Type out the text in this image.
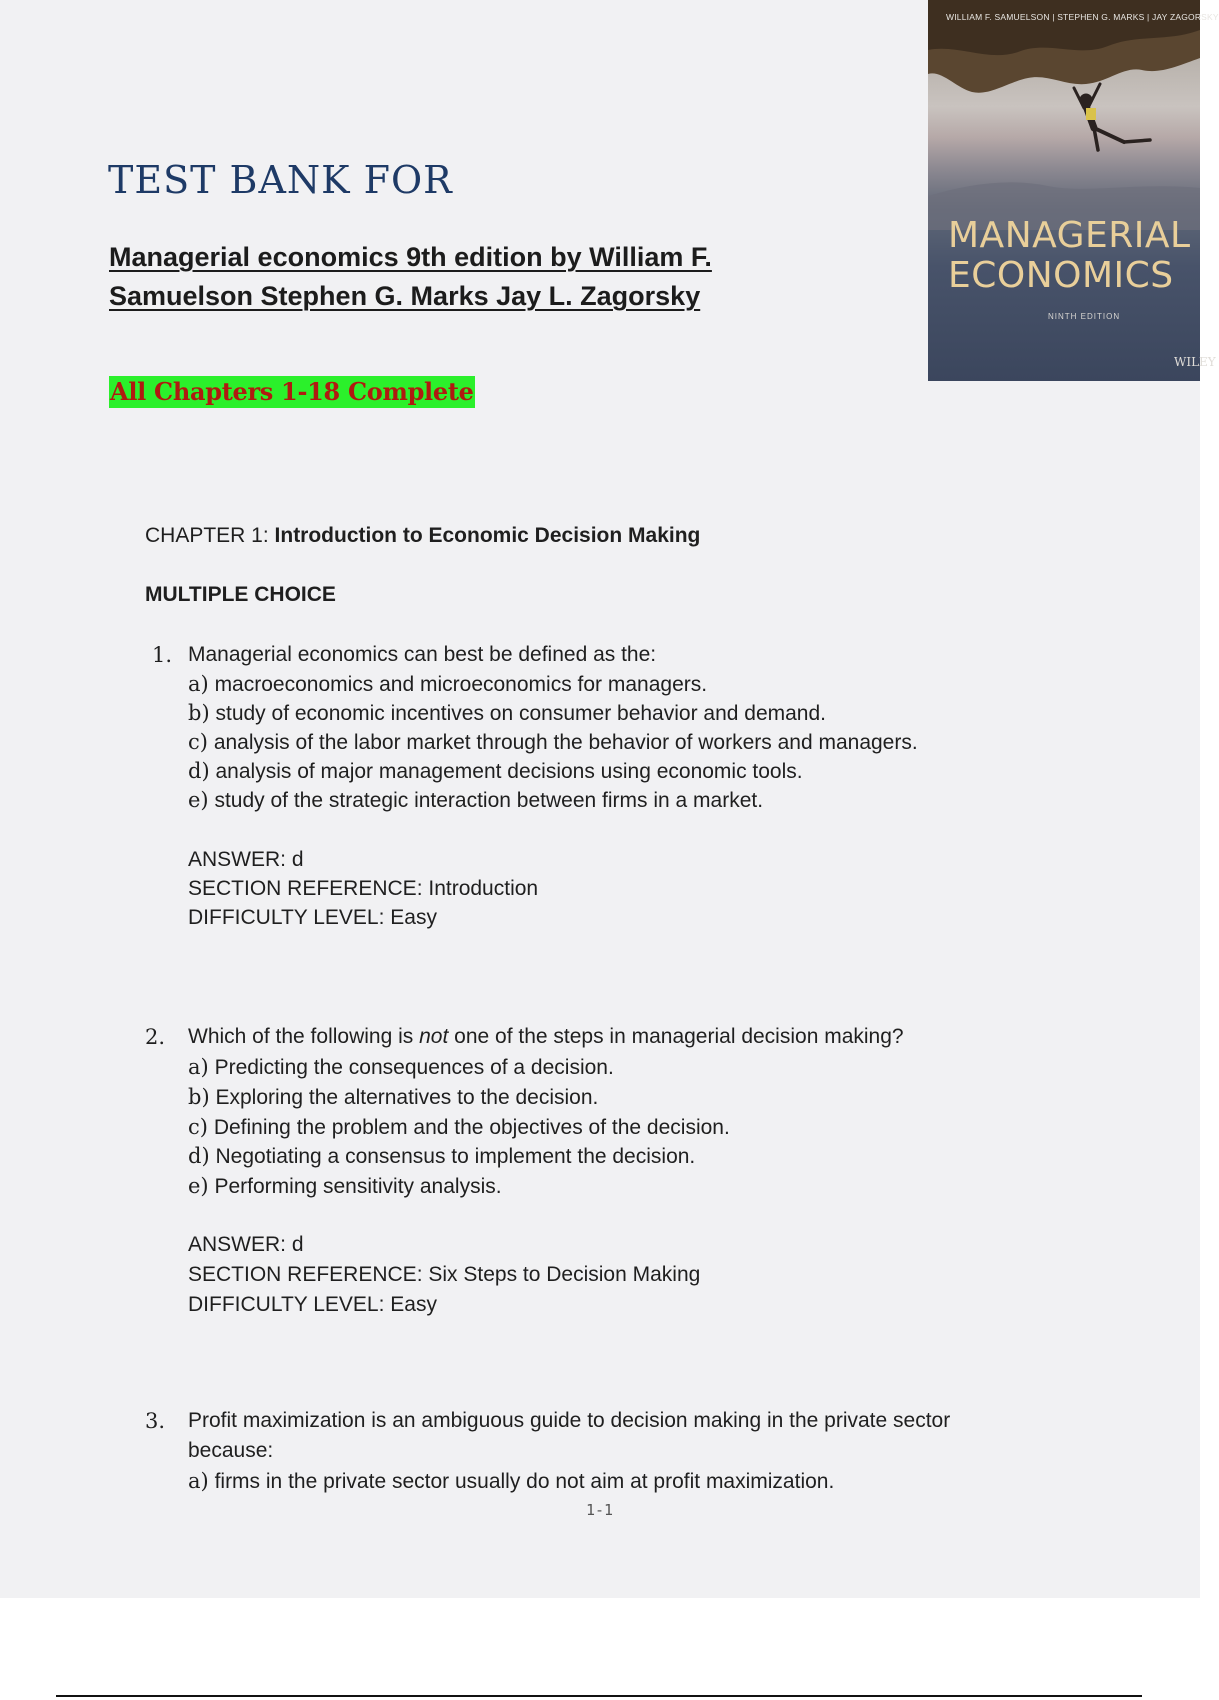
WILLIAM F. SAMUELSON | STEPHEN G. MARKS | JAY ZAGORSKY
MANAGERIAL
ECONOMICS
NINTH EDITION
WILEY
TEST BANK FOR
Managerial economics 9th edition by William F. Samuelson Stephen G. Marks Jay L. Zagorsky
All Chapters 1-18 Complete
CHAPTER 1: Introduction to Economic Decision Making
MULTIPLE CHOICE
1. Managerial economics can best be defined as the:
a) macroeconomics and microeconomics for managers.
b) study of economic incentives on consumer behavior and demand.
c) analysis of the labor market through the behavior of workers and managers.
d) analysis of major management decisions using economic tools.
e) study of the strategic interaction between firms in a market.
ANSWER: d
SECTION REFERENCE: Introduction
DIFFICULTY LEVEL: Easy
2. Which of the following is not one of the steps in managerial decision making?
a) Predicting the consequences of a decision.
b) Exploring the alternatives to the decision.
c) Defining the problem and the objectives of the decision.
d) Negotiating a consensus to implement the decision.
e) Performing sensitivity analysis.
ANSWER: d
SECTION REFERENCE: Six Steps to Decision Making
DIFFICULTY LEVEL: Easy
3. Profit maximization is an ambiguous guide to decision making in the private sector
because:
a) firms in the private sector usually do not aim at profit maximization.
1-1
